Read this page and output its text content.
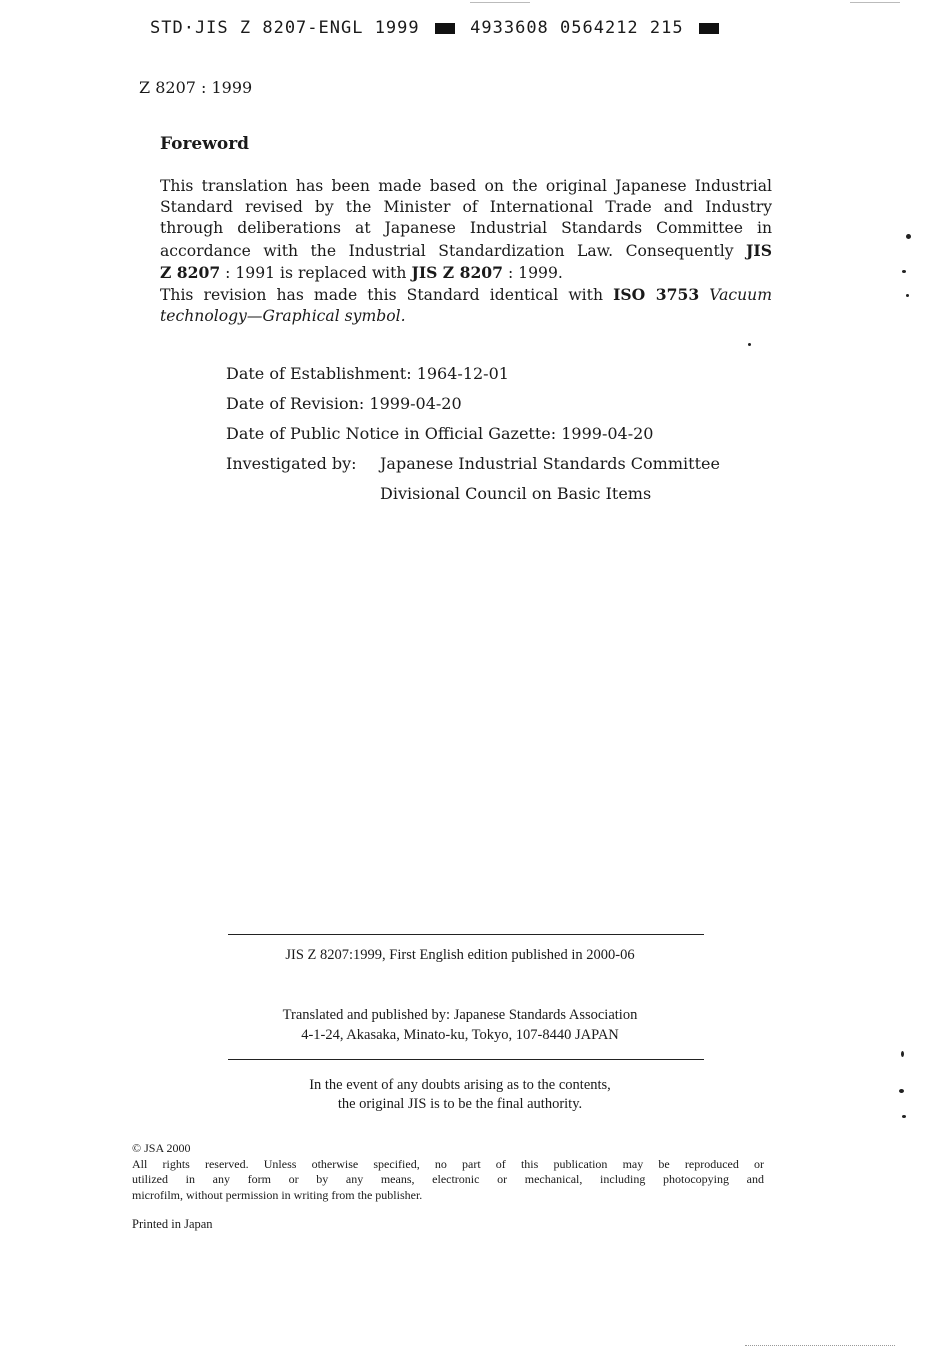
STD·JIS Z 8207-ENGL 1999	4933608 0564212 215
Z 8207 : 1999
Foreword
This translation has been made based on the original Japanese Industrial
Standard revised by the Minister of International Trade and Industry
through deliberations at Japanese Industrial Standards Committee in
accordance with the Industrial Standardization Law. Consequently JIS
Z 8207 : 1991 is replaced with JIS Z 8207 : 1999.
This revision has made this Standard identical with ISO 3753 Vacuum
technology—Graphical symbol.
Date of Establishment: 1964-12-01
Date of Revision: 1999-04-20
Date of Public Notice in Official Gazette: 1999-04-20
Investigated by: Japanese Industrial Standards Committee
Divisional Council on Basic Items
JIS Z 8207:1999, First English edition published in 2000-06
Translated and published by: Japanese Standards Association
4-1-24, Akasaka, Minato-ku, Tokyo, 107-8440 JAPAN
In the event of any doubts arising as to the contents,
the original JIS is to be the final authority.
© JSA 2000
All rights reserved. Unless otherwise specified, no part of this publication may be reproduced or
utilized in any form or by any means, electronic or mechanical, including photocopying and
microfilm, without permission in writing from the publisher.
Printed in Japan
